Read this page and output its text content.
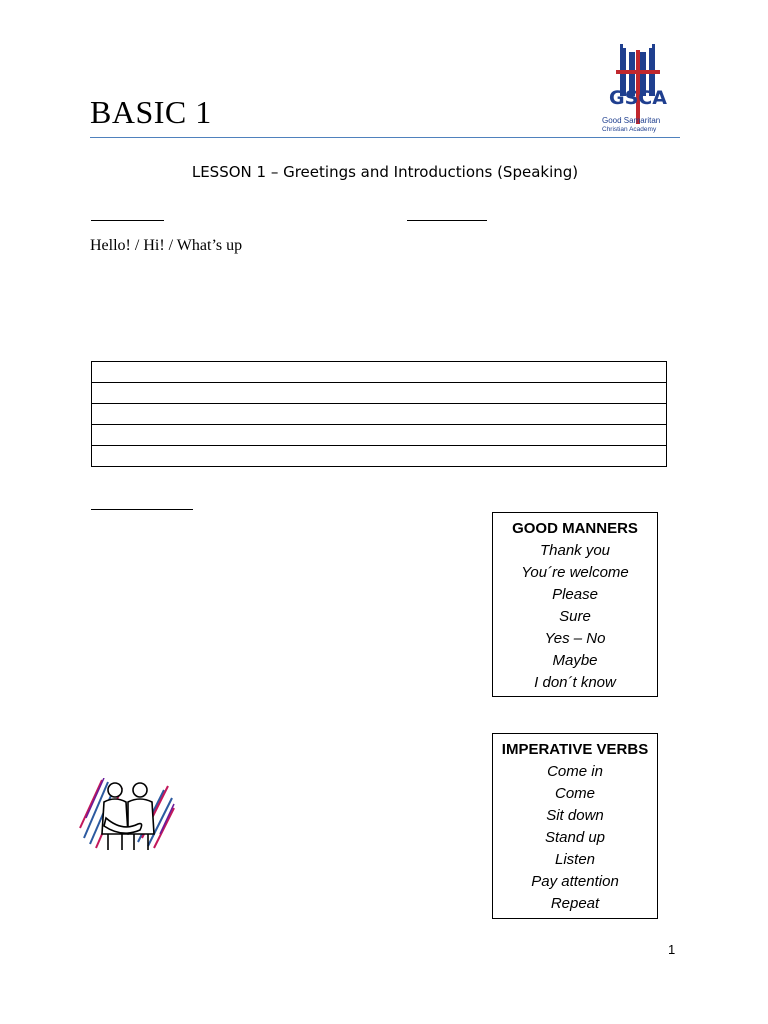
BASIC 1	GSCA
Good Samaritan
Christian Academy
LESSON 1 – Greetings and Introductions (Speaking)
Hello! / Hi! / What’s up

GOOD MANNERS
Thank you
You´re welcome
Please
Sure
Yes – No
Maybe
I don´t know
IMPERATIVE VERBS
Come in
Come
Sit down
Stand up
Listen
Pay attention
Repeat
1
